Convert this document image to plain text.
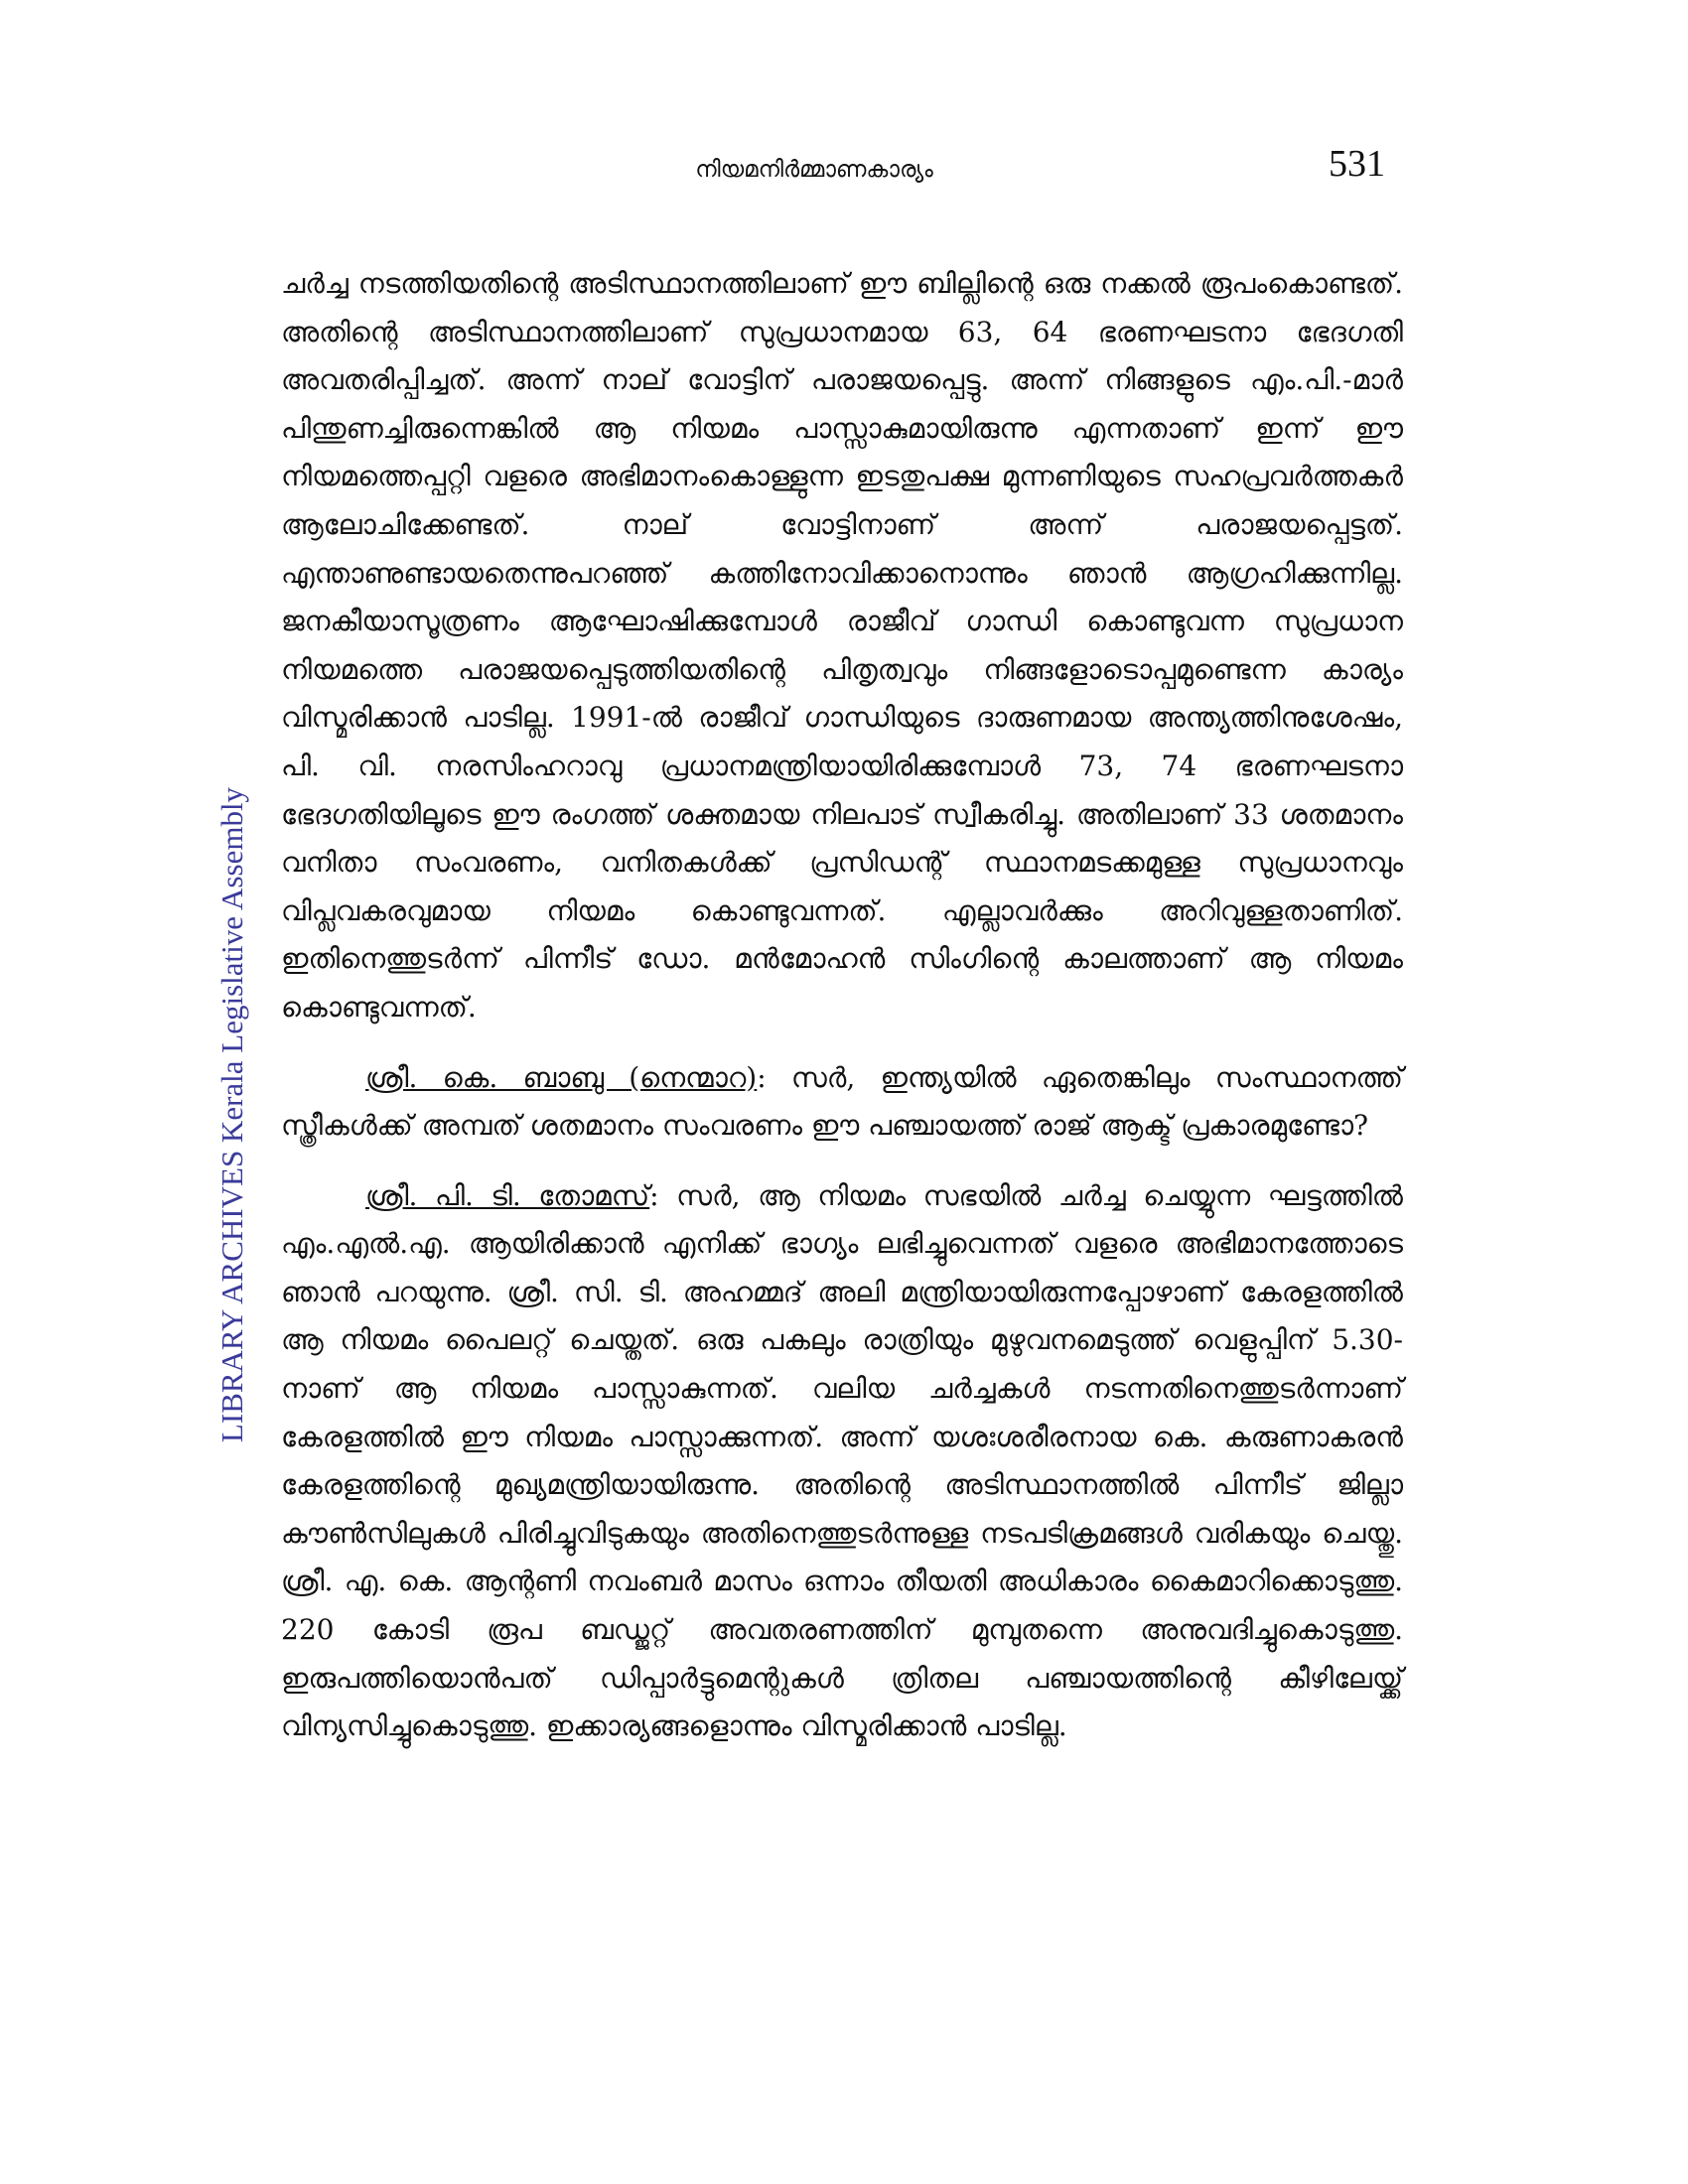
നിയമനിർമ്മാണകാര്യം	531
LIBRARY ARCHIVES Kerala Legislative Assembly

ചർച്ച നടത്തിയതിന്റെ അടിസ്ഥാനത്തിലാണ് ഈ ബില്ലിന്റെ ഒരു നക്കൽ രൂപംകൊണ്ടത്. അതിന്റെ അടിസ്ഥാനത്തിലാണ് സുപ്രധാനമായ 63, 64 ഭരണഘടനാ ഭേദഗതി അവതരിപ്പിച്ചത്. അന്ന് നാല് വോട്ടിന് പരാജയപ്പെട്ടു. അന്ന് നിങ്ങളുടെ എം.പി.-മാർ പിന്തുണച്ചിരുന്നെങ്കിൽ ആ നിയമം പാസ്സാകുമായിരുന്നു എന്നതാണ് ഇന്ന് ഈ നിയമത്തെപ്പറ്റി വളരെ അഭിമാനംകൊള്ളുന്ന ഇടതുപക്ഷ മുന്നണിയുടെ സഹപ്രവർത്തകർ ആലോചിക്കേണ്ടത്. നാല് വോട്ടിനാണ് അന്ന് പരാജയപ്പെട്ടത്. എന്താണുണ്ടായതെന്നുപറഞ്ഞ് കത്തിനോവിക്കാനൊന്നും ഞാൻ ആഗ്രഹിക്കുന്നില്ല. ജനകീയാസൂത്രണം ആഘോഷിക്കുമ്പോൾ രാജീവ് ഗാന്ധി കൊണ്ടുവന്ന സുപ്രധാന നിയമത്തെ പരാജയപ്പെടുത്തിയതിന്റെ പിതൃത്വവും നിങ്ങളോടൊപ്പമുണ്ടെന്ന കാര്യം വിസ്മരിക്കാൻ പാടില്ല. 1991-ൽ രാജീവ് ഗാന്ധിയുടെ ദാരുണമായ അന്ത്യത്തിനുശേഷം, പി. വി. നരസിംഹറാവു പ്രധാനമന്ത്രിയായിരിക്കുമ്പോൾ 73, 74 ഭരണഘടനാ ഭേദഗതിയിലൂടെ ഈ രംഗത്ത് ശക്തമായ നിലപാട് സ്വീകരിച്ചു. അതിലാണ് 33 ശതമാനം വനിതാ സംവരണം, വനിതകൾക്ക് പ്രസിഡന്റ് സ്ഥാനമടക്കമുള്ള സുപ്രധാനവും വിപ്ലവകരവുമായ നിയമം കൊണ്ടുവന്നത്. എല്ലാവർക്കും അറിവുള്ളതാണിത്. ഇതിനെത്തുടർന്ന് പിന്നീട് ഡോ. മൻമോഹൻ സിംഗിന്റെ കാലത്താണ് ആ നിയമം കൊണ്ടുവന്നത്.

ശ്രീ. കെ. ബാബു (നെന്മാറ): സർ, ഇന്ത്യയിൽ ഏതെങ്കിലും സംസ്ഥാനത്ത് സ്ത്രീകൾക്ക് അമ്പത് ശതമാനം സംവരണം ഈ പഞ്ചായത്ത് രാജ് ആക്ട് പ്രകാരമുണ്ടോ?

ശ്രീ. പി. ടി. തോമസ്: സർ, ആ നിയമം സഭയിൽ ചർച്ച ചെയ്യുന്ന ഘട്ടത്തിൽ എം.എൽ.എ. ആയിരിക്കാൻ എനിക്ക് ഭാഗ്യം ലഭിച്ചുവെന്നത് വളരെ അഭിമാനത്തോടെ ഞാൻ പറയുന്നു. ശ്രീ. സി. ടി. അഹമ്മദ് അലി മന്ത്രിയായിരുന്നപ്പോഴാണ് കേരളത്തിൽ ആ നിയമം പൈലറ്റ് ചെയ്തത്. ഒരു പകലും രാത്രിയും മുഴുവനമെടുത്ത് വെളുപ്പിന് 5.30-നാണ് ആ നിയമം പാസ്സാകുന്നത്. വലിയ ചർച്ചകൾ നടന്നതിനെത്തുടർന്നാണ് കേരളത്തിൽ ഈ നിയമം പാസ്സാക്കുന്നത്. അന്ന് യശഃശരീരനായ കെ. കരുണാകരൻ കേരളത്തിന്റെ മുഖ്യമന്ത്രിയായിരുന്നു. അതിന്റെ അടിസ്ഥാനത്തിൽ പിന്നീട് ജില്ലാ കൗൺസിലുകൾ പിരിച്ചുവിടുകയും അതിനെത്തുടർന്നുള്ള നടപടിക്രമങ്ങൾ വരികയും ചെയ്തു. ശ്രീ. എ. കെ. ആന്റണി നവംബർ മാസം ഒന്നാം തീയതി അധികാരം കൈമാറിക്കൊടുത്തു. 220 കോടി രൂപ ബഡ്ജറ്റ് അവതരണത്തിന് മുമ്പുതന്നെ അനുവദിച്ചുകൊടുത്തു. ഇരുപത്തിയൊൻപത് ഡിപ്പാർട്ടുമെന്റുകൾ ത്രിതല പഞ്ചായത്തിന്റെ കീഴിലേയ്ക്ക് വിന്യസിച്ചുകൊടുത്തു. ഇക്കാര്യങ്ങളൊന്നും വിസ്മരിക്കാൻ പാടില്ല.
